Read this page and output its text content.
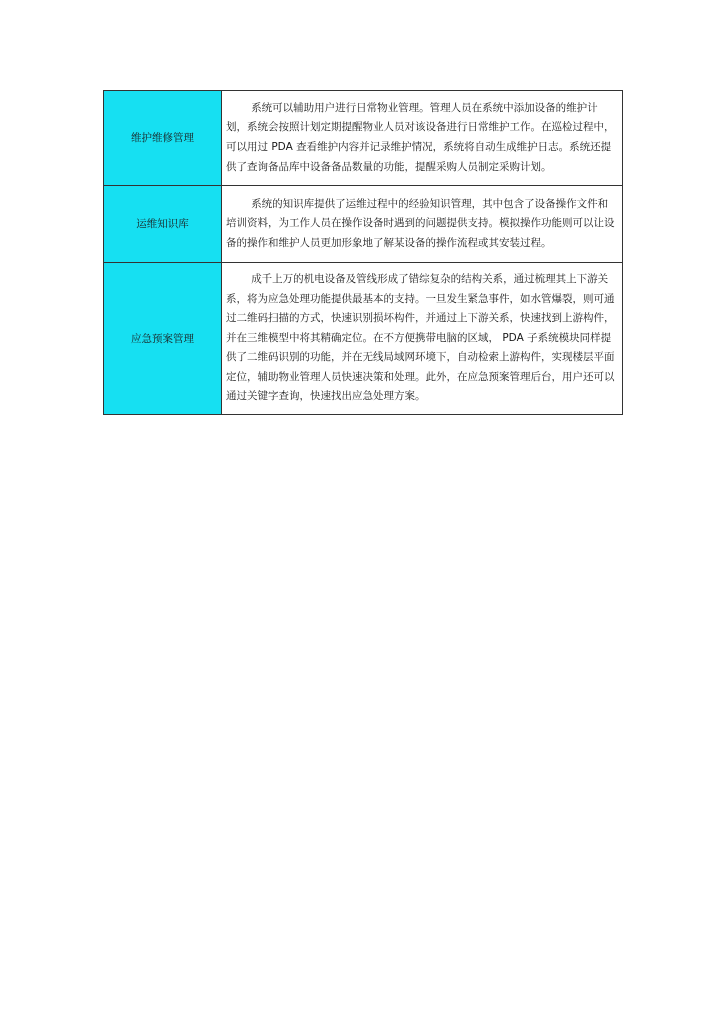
维护维修管理	系统可以辅助用户进行日常物业管理。管理人员在系统中添加设备的维护计划，系统会按照计划定期提醒物业人员对该设备进行日常维护工作。在巡检过程中，可以用过 PDA 查看维护内容并记录维护情况，系统将自动生成维护日志。系统还提供了查询备品库中设备备品数量的功能，提醒采购人员制定采购计划。
运维知识库	系统的知识库提供了运维过程中的经验知识管理，其中包含了设备操作文件和培训资料，为工作人员在操作设备时遇到的问题提供支持。模拟操作功能则可以让设备的操作和维护人员更加形象地了解某设备的操作流程或其安装过程。
应急预案管理	成千上万的机电设备及管线形成了错综复杂的结构关系，通过梳理其上下游关系，将为应急处理功能提供最基本的支持。一旦发生紧急事件，如水管爆裂，则可通过二维码扫描的方式，快速识别损坏构件，并通过上下游关系，快速找到上游构件，并在三维模型中将其精确定位。在不方便携带电脑的区域， PDA 子系统模块同样提供了二维码识别的功能，并在无线局域网环境下，自动检索上游构件，实现楼层平面定位，辅助物业管理人员快速决策和处理。此外，在应急预案管理后台，用户还可以通过关键字查询，快速找出应急处理方案。
